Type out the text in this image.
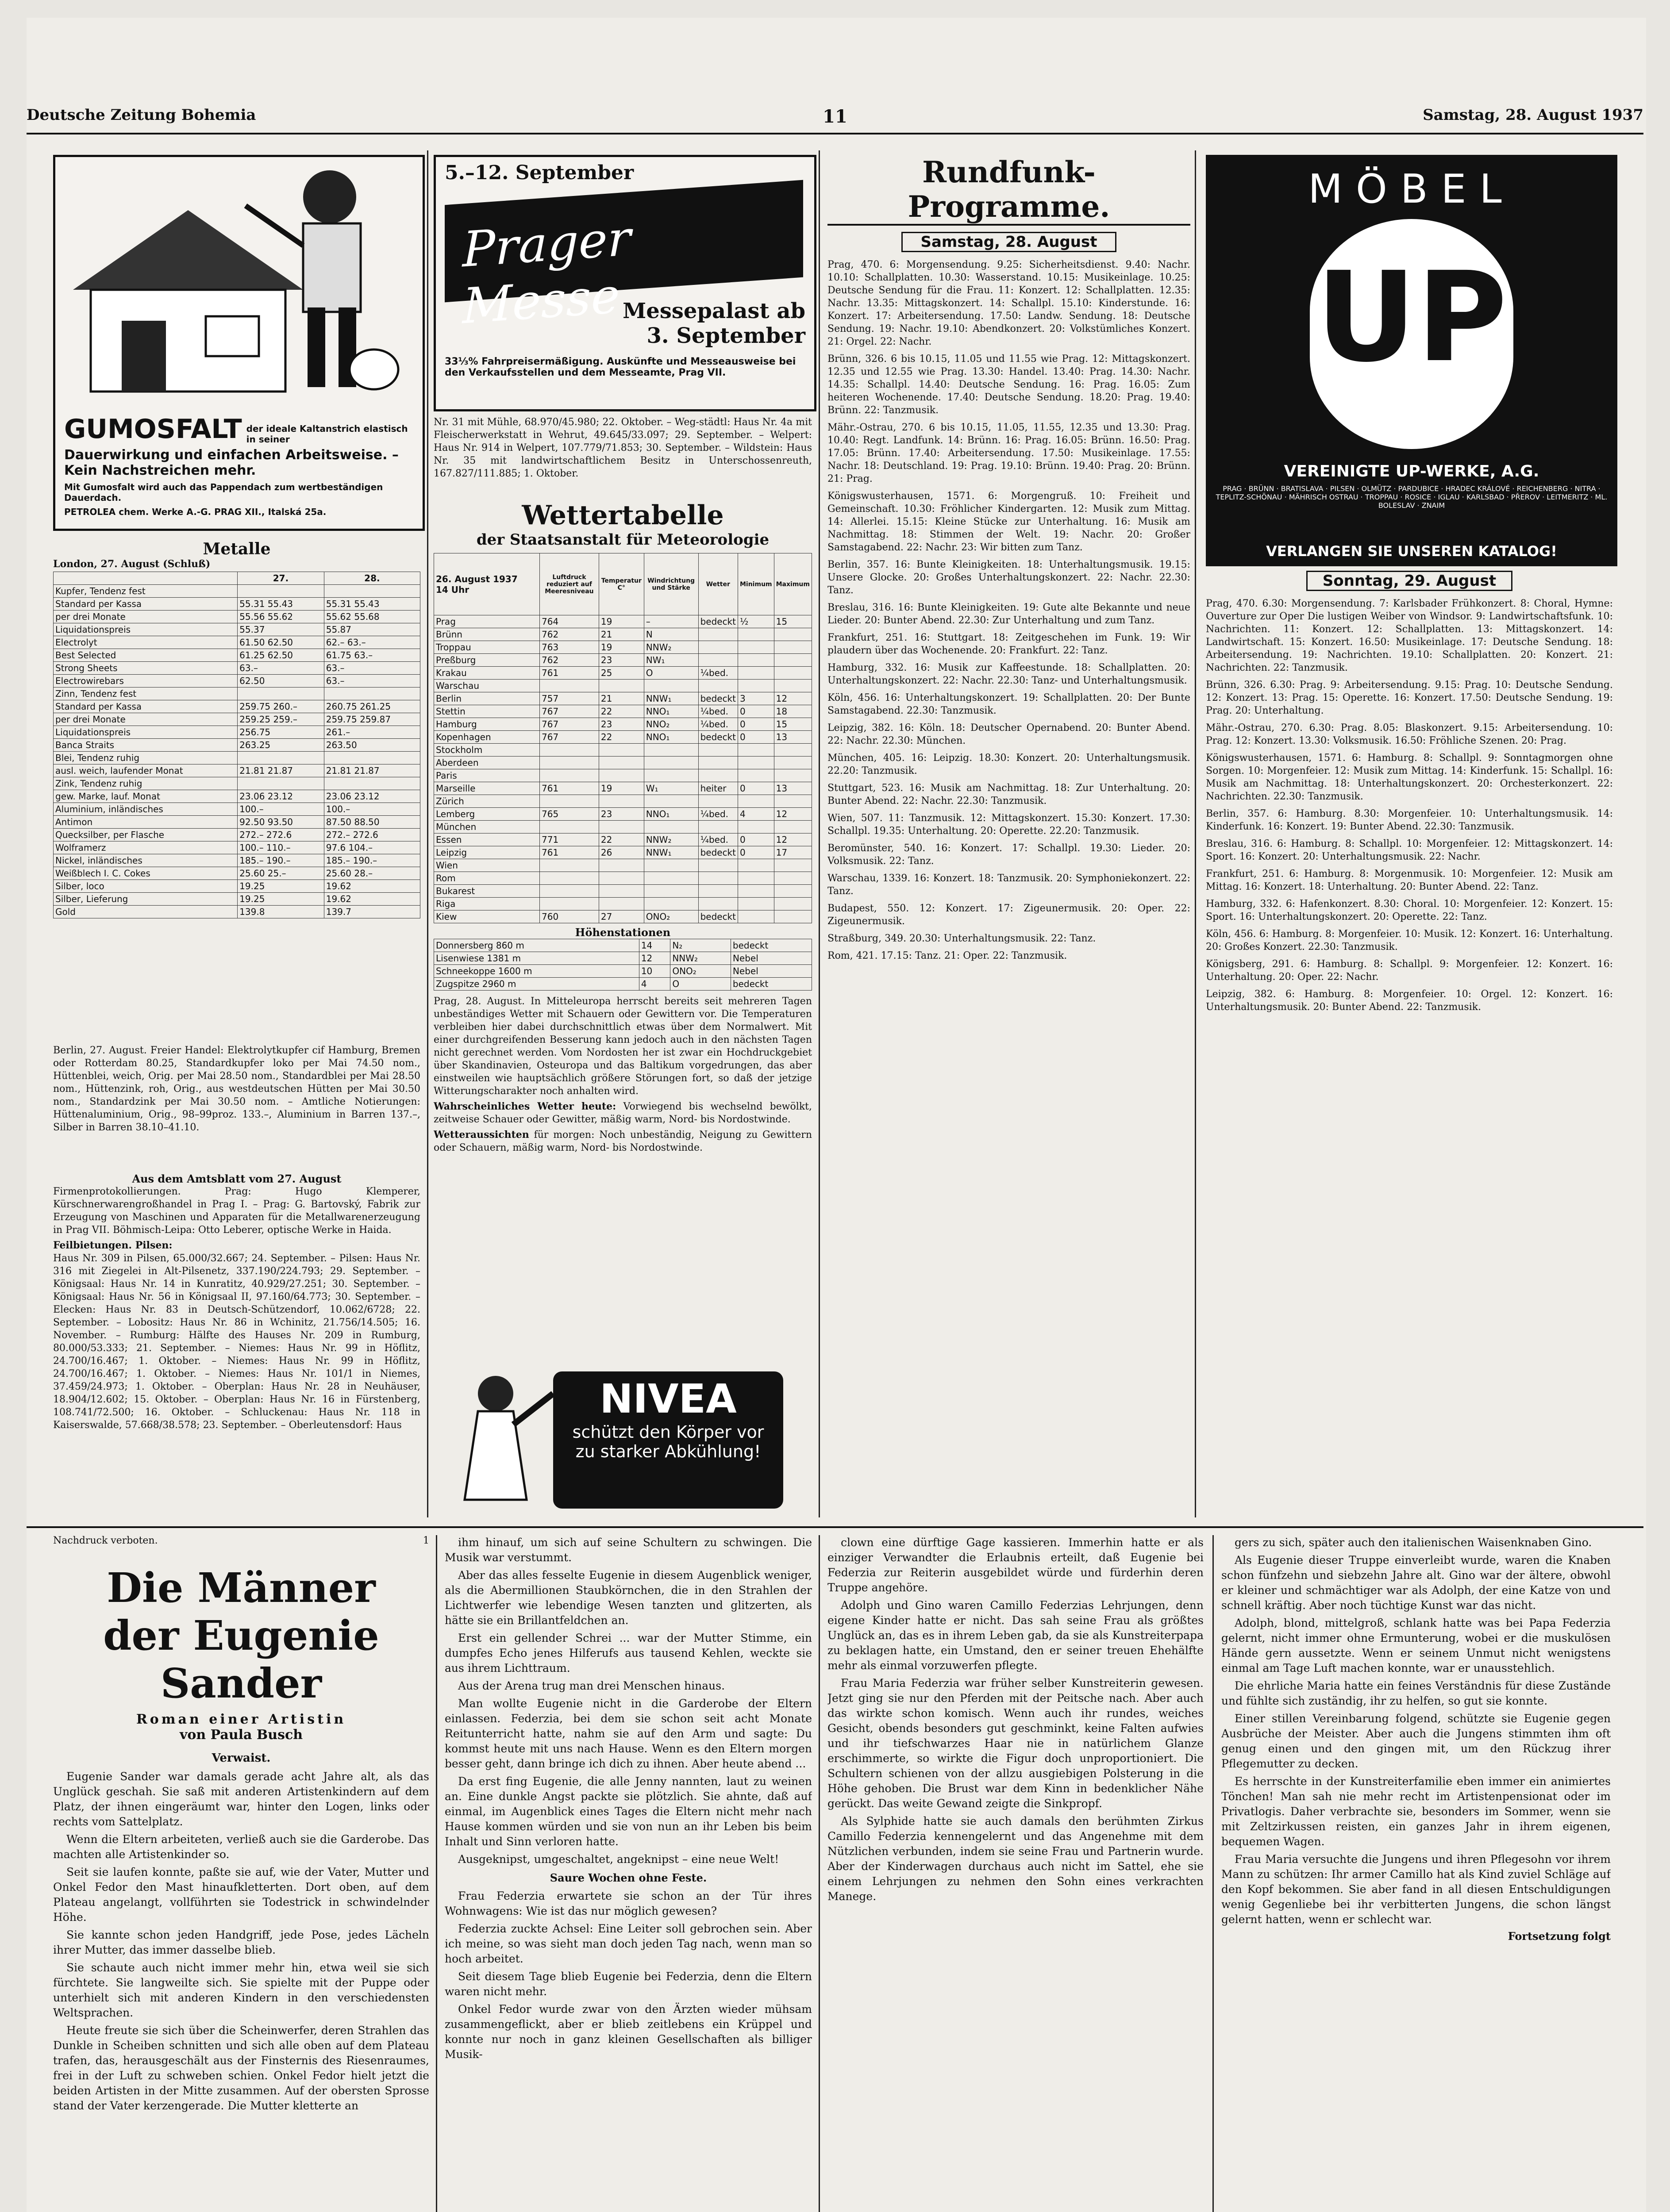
Deutsche Zeitung Bohemia	11	Samstag, 28. August 1937
GUMOSFALT der ideale Kaltanstrich elastisch in seiner
Dauerwirkung und einfachen Arbeitsweise. – Kein Nachstreichen mehr.
Mit Gumosfalt wird auch das Pappendach zum wertbeständigen Dauerdach.
PETROLEA chem. Werke A.-G. PRAG XII., Italská 25a.
Metalle
London, 27. August (Schluß)
	27.	28.
Kupfer, Tendenz fest		
Standard per Kassa	55.31 55.43	55.31 55.43
per drei Monate	55.56 55.62	55.62 55.68
Liquidationspreis	55.37	55.87
Electrolyt	61.50 62.50	62.– 63.–
Best Selected	61.25 62.50	61.75 63.–
Strong Sheets	63.–	63.–
Electrowirebars	62.50	63.–
Zinn, Tendenz fest		
Standard per Kassa	259.75 260.–	260.75 261.25
per drei Monate	259.25 259.–	259.75 259.87
Liquidationspreis	256.75	261.–
Banca Straits	263.25	263.50
Blei, Tendenz ruhig		
ausl. weich, laufender Monat	21.81 21.87	21.81 21.87
Zink, Tendenz ruhig		
gew. Marke, lauf. Monat	23.06 23.12	23.06 23.12
Aluminium, inländisches	100.–	100.–
Antimon	92.50 93.50	87.50 88.50
Quecksilber, per Flasche	272.– 272.6	272.– 272.6
Wolframerz	100.– 110.–	97.6 104.–
Nickel, inländisches	185.– 190.–	185.– 190.–
Weißblech I. C. Cokes	25.60 25.–	25.60 28.–
Silber, loco	19.25	19.62
Silber, Lieferung	19.25	19.62
Gold	139.8	139.7
Berlin, 27. August. Freier Handel: Elektrolytkupfer cif Hamburg, Bremen oder Rotterdam 80.25, Standardkupfer loko per Mai 74.50 nom., Hüttenblei, weich, Orig. per Mai 28.50 nom., Standardblei per Mai 28.50 nom., Hüttenzink, roh, Orig., aus westdeutschen Hütten per Mai 30.50 nom., Standardzink per Mai 30.50 nom. – Amtliche Notierungen: Hüttenaluminium, Orig., 98–99proz. 133.–, Aluminium in Barren 137.–, Silber in Barren 38.10–41.10.
Aus dem Amtsblatt vom 27. August
Firmenprotokollierungen. Prag: Hugo Klemperer, Kürschnerwarengroßhandel in Prag I. – Prag: G. Bartovský, Fabrik zur Erzeugung von Maschinen und Apparaten für die Metallwarenerzeugung in Prag VII. Böhmisch-Leipa: Otto Leberer, optische Werke in Haida.
Feilbietungen. Pilsen:
Haus Nr. 309 in Pilsen, 65.000/32.667; 24. September. – Pilsen: Haus Nr. 316 mit Ziegelei in Alt-Pilsenetz, 337.190/224.793; 29. September. – Königsaal: Haus Nr. 14 in Kunratitz, 40.929/27.251; 30. September. – Königsaal: Haus Nr. 56 in Königsaal II, 97.160/64.773; 30. September. – Elecken: Haus Nr. 83 in Deutsch-Schützendorf, 10.062/6728; 22. September. – Lobositz: Haus Nr. 86 in Wchinitz, 21.756/14.505; 16. November. – Rumburg: Hälfte des Hauses Nr. 209 in Rumburg, 80.000/53.333; 21. September. – Niemes: Haus Nr. 99 in Höflitz, 24.700/16.467; 1. Oktober. – Niemes: Haus Nr. 99 in Höflitz, 24.700/16.467; 1. Oktober. – Niemes: Haus Nr. 101/1 in Niemes, 37.459/24.973; 1. Oktober. – Oberplan: Haus Nr. 28 in Neuhäuser, 18.904/12.602; 15. Oktober. – Oberplan: Haus Nr. 16 in Fürstenberg, 108.741/72.500; 16. Oktober. – Schluckenau: Haus Nr. 118 in Kaiserswalde, 57.668/38.578; 23. September. – Oberleutensdorf: Haus
5.–12. September
Prager Messe Messepalast ab 3. September
33⅓% Fahrpreisermäßigung. Auskünfte und Messeausweise bei den Verkaufsstellen und dem Messeamte, Prag VII.
Nr. 31 mit Mühle, 68.970/45.980; 22. Oktober. – Weg-städtl: Haus Nr. 4a mit Fleischerwerkstatt in Wehrut, 49.645/33.097; 29. September. – Welpert: Haus Nr. 914 in Welpert, 107.779/71.853; 30. September. – Wildstein: Haus Nr. 35 mit landwirtschaftlichem Besitz in Unterschossenreuth, 167.827/111.885; 1. Oktober.
Wettertabelle
der Staatsanstalt für Meteorologie
26. August 1937
14 Uhr	Luftdruck reduziert auf Meeresniveau	Temperatur C°	Windrichtung und Stärke	Wetter	Minimum	Maximum

Prag	764	19	–	bedeckt	½	15
Brünn	762	21	N			
Troppau	763	19	NNW₂			
Preßburg	762	23	NW₁			
Krakau	761	25	O	¼bed.		
Warschau						
Berlin	757	21	NNW₁	bedeckt	3	12
Stettin	767	22	NNO₁	¼bed.	0	18
Hamburg	767	23	NNO₂	¼bed.	0	15
Kopenhagen	767	22	NNO₁	bedeckt	0	13
Stockholm						
Aberdeen						
Paris						
Marseille	761	19	W₁	heiter	0	13
Zürich						
Lemberg	765	23	NNO₁	¼bed.	4	12
München						
Essen	771	22	NNW₂	¼bed.	0	12
Leipzig	761	26	NNW₁	bedeckt	0	17
Wien						
Rom						
Bukarest						
Riga						
Kiew	760	27	ONO₂	bedeckt		
Höhenstationen
Donnersberg 860 m	14	N₂	bedeckt
Lisenwiese 1381 m	12	NNW₂	Nebel
Schneekoppe 1600 m	10	ONO₂	Nebel
Zugspitze 2960 m	4	O	bedeckt
Prag, 28. August. In Mitteleuropa herrscht bereits seit mehreren Tagen unbeständiges Wetter mit Schauern oder Gewittern vor. Die Temperaturen verbleiben hier dabei durchschnittlich etwas über dem Normalwert. Mit einer durchgreifenden Besserung kann jedoch auch in den nächsten Tagen nicht gerechnet werden. Vom Nordosten her ist zwar ein Hochdruckgebiet über Skandinavien, Osteuropa und das Baltikum vorgedrungen, das aber einstweilen wie hauptsächlich größere Störungen fort, so daß der jetzige Witterungscharakter noch anhalten wird.
Wahrscheinliches Wetter heute: Vorwiegend bis wechselnd bewölkt, zeitweise Schauer oder Gewitter, mäßig warm, Nord- bis Nordostwinde.
Wetteraussichten für morgen: Noch unbeständig, Neigung zu Gewittern oder Schauern, mäßig warm, Nord- bis Nordostwinde.
NIVEA
schützt den Körper vor zu starker Abkühlung!
Rundfunk-Programme.
Samstag, 28. August

Prag, 470. 6: Morgensendung. 9.25: Sicherheitsdienst. 9.40: Nachr. 10.10: Schallplatten. 10.30: Wasserstand. 10.15: Musikeinlage. 10.25: Deutsche Sendung für die Frau. 11: Konzert. 12: Schallplatten. 12.35: Nachr. 13.35: Mittagskonzert. 14: Schallpl. 15.10: Kinderstunde. 16: Konzert. 17: Arbeitersendung. 17.50: Landw. Sendung. 18: Deutsche Sendung. 19: Nachr. 19.10: Abendkonzert. 20: Volkstümliches Konzert. 21: Orgel. 22: Nachr.

Brünn, 326. 6 bis 10.15, 11.05 und 11.55 wie Prag. 12: Mittagskonzert. 12.35 und 12.55 wie Prag. 13.30: Handel. 13.40: Prag. 14.30: Nachr. 14.35: Schallpl. 14.40: Deutsche Sendung. 16: Prag. 16.05: Zum heiteren Wochenende. 17.40: Deutsche Sendung. 18.20: Prag. 19.40: Brünn. 22: Tanzmusik.

Mähr.-Ostrau, 270. 6 bis 10.15, 11.05, 11.55, 12.35 und 13.30: Prag. 10.40: Regt. Landfunk. 14: Brünn. 16: Prag. 16.05: Brünn. 16.50: Prag. 17.05: Brünn. 17.40: Arbeitersendung. 17.50: Musikeinlage. 17.55: Nachr. 18: Deutschland. 19: Prag. 19.10: Brünn. 19.40: Prag. 20: Brünn. 21: Prag.

Königswusterhausen, 1571. 6: Morgengruß. 10: Freiheit und Gemeinschaft. 10.30: Fröhlicher Kindergarten. 12: Musik zum Mittag. 14: Allerlei. 15.15: Kleine Stücke zur Unterhaltung. 16: Musik am Nachmittag. 18: Stimmen der Welt. 19: Nachr. 20: Großer Samstagabend. 22: Nachr. 23: Wir bitten zum Tanz.

Berlin, 357. 16: Bunte Kleinigkeiten. 18: Unterhaltungsmusik. 19.15: Unsere Glocke. 20: Großes Unterhaltungskonzert. 22: Nachr. 22.30: Tanz.

Breslau, 316. 16: Bunte Kleinigkeiten. 19: Gute alte Bekannte und neue Lieder. 20: Bunter Abend. 22.30: Zur Unterhaltung und zum Tanz.

Frankfurt, 251. 16: Stuttgart. 18: Zeitgeschehen im Funk. 19: Wir plaudern über das Wochenende. 20: Frankfurt. 22: Tanz.

Hamburg, 332. 16: Musik zur Kaffeestunde. 18: Schallplatten. 20: Unterhaltungskonzert. 22: Nachr. 22.30: Tanz- und Unterhaltungsmusik.

Köln, 456. 16: Unterhaltungskonzert. 19: Schallplatten. 20: Der Bunte Samstagabend. 22.30: Tanzmusik.

Leipzig, 382. 16: Köln. 18: Deutscher Opernabend. 20: Bunter Abend. 22: Nachr. 22.30: München.

München, 405. 16: Leipzig. 18.30: Konzert. 20: Unterhaltungsmusik. 22.20: Tanzmusik.

Stuttgart, 523. 16: Musik am Nachmittag. 18: Zur Unterhaltung. 20: Bunter Abend. 22: Nachr. 22.30: Tanzmusik.

Wien, 507. 11: Tanzmusik. 12: Mittagskonzert. 15.30: Konzert. 17.30: Schallpl. 19.35: Unterhaltung. 20: Operette. 22.20: Tanzmusik.

Beromünster, 540. 16: Konzert. 17: Schallpl. 19.30: Lieder. 20: Volksmusik. 22: Tanz.

Warschau, 1339. 16: Konzert. 18: Tanzmusik. 20: Symphoniekonzert. 22: Tanz.

Budapest, 550. 12: Konzert. 17: Zigeunermusik. 20: Oper. 22: Zigeunermusik.

Straßburg, 349. 20.30: Unterhaltungsmusik. 22: Tanz.

Rom, 421. 17.15: Tanz. 21: Oper. 22: Tanzmusik.

MÖBEL
UP
VEREINIGTE UP-WERKE, A.G.
PRAG · BRÜNN · BRATISLAVA · PILSEN · OLMÜTZ · PARDUBICE · HRADEC KRÁLOVÉ · REICHENBERG · NITRA · TEPLITZ-SCHÖNAU · MÄHRISCH OSTRAU · TROPPAU · ROSICE · IGLAU · KARLSBAD · PŘEROV · LEITMERITZ · ML. BOLESLAV · ZNAIM
VERLANGEN SIE UNSEREN KATALOG!
Sonntag, 29. August

Prag, 470. 6.30: Morgensendung. 7: Karlsbader Frühkonzert. 8: Choral, Hymne: Ouverture zur Oper Die lustigen Weiber von Windsor. 9: Landwirtschaftsfunk. 10: Nachrichten. 11: Konzert. 12: Schallplatten. 13: Mittagskonzert. 14: Landwirtschaft. 15: Konzert. 16.50: Musikeinlage. 17: Deutsche Sendung. 18: Arbeitersendung. 19: Nachrichten. 19.10: Schallplatten. 20: Konzert. 21: Nachrichten. 22: Tanzmusik.

Brünn, 326. 6.30: Prag. 9: Arbeitersendung. 9.15: Prag. 10: Deutsche Sendung. 12: Konzert. 13: Prag. 15: Operette. 16: Konzert. 17.50: Deutsche Sendung. 19: Prag. 20: Unterhaltung.

Mähr.-Ostrau, 270. 6.30: Prag. 8.05: Blaskonzert. 9.15: Arbeitersendung. 10: Prag. 12: Konzert. 13.30: Volksmusik. 16.50: Fröhliche Szenen. 20: Prag.

Königswusterhausen, 1571. 6: Hamburg. 8: Schallpl. 9: Sonntagmorgen ohne Sorgen. 10: Morgenfeier. 12: Musik zum Mittag. 14: Kinderfunk. 15: Schallpl. 16: Musik am Nachmittag. 18: Unterhaltungskonzert. 20: Orchesterkonzert. 22: Nachrichten. 22.30: Tanzmusik.

Berlin, 357. 6: Hamburg. 8.30: Morgenfeier. 10: Unterhaltungsmusik. 14: Kinderfunk. 16: Konzert. 19: Bunter Abend. 22.30: Tanzmusik.

Breslau, 316. 6: Hamburg. 8: Schallpl. 10: Morgenfeier. 12: Mittagskonzert. 14: Sport. 16: Konzert. 20: Unterhaltungsmusik. 22: Nachr.

Frankfurt, 251. 6: Hamburg. 8: Morgenmusik. 10: Morgenfeier. 12: Musik am Mittag. 16: Konzert. 18: Unterhaltung. 20: Bunter Abend. 22: Tanz.

Hamburg, 332. 6: Hafenkonzert. 8.30: Choral. 10: Morgenfeier. 12: Konzert. 15: Sport. 16: Unterhaltungskonzert. 20: Operette. 22: Tanz.

Köln, 456. 6: Hamburg. 8: Morgenfeier. 10: Musik. 12: Konzert. 16: Unterhaltung. 20: Großes Konzert. 22.30: Tanzmusik.

Königsberg, 291. 6: Hamburg. 8: Schallpl. 9: Morgenfeier. 12: Konzert. 16: Unterhaltung. 20: Oper. 22: Nachr.

Leipzig, 382. 6: Hamburg. 8: Morgenfeier. 10: Orgel. 12: Konzert. 16: Unterhaltungsmusik. 20: Bunter Abend. 22: Tanzmusik.

Nachdruck verboten.	1
Die Männer
der Eugenie Sander
Roman einer Artistin
von Paula Busch
Verwaist.

Eugenie Sander war damals gerade acht Jahre alt, als das Unglück geschah. Sie saß mit anderen Artistenkindern auf dem Platz, der ihnen eingeräumt war, hinter den Logen, links oder rechts vom Sattelplatz.

Wenn die Eltern arbeiteten, verließ auch sie die Garderobe. Das machten alle Artistenkinder so.

Seit sie laufen konnte, paßte sie auf, wie der Vater, Mutter und Onkel Fedor den Mast hinaufkletterten. Dort oben, auf dem Plateau angelangt, vollführten sie Todestrick in schwindelnder Höhe.

Sie kannte schon jeden Handgriff, jede Pose, jedes Lächeln ihrer Mutter, das immer dasselbe blieb.

Sie schaute auch nicht immer mehr hin, etwa weil sie sich fürchtete. Sie langweilte sich. Sie spielte mit der Puppe oder unterhielt sich mit anderen Kindern in den verschiedensten Weltsprachen.

Heute freute sie sich über die Scheinwerfer, deren Strahlen das Dunkle in Scheiben schnitten und sich alle oben auf dem Plateau trafen, das, herausgeschält aus der Finsternis des Riesenraumes, frei in der Luft zu schweben schien. Onkel Fedor hielt jetzt die beiden Artisten in der Mitte zusammen. Auf der obersten Sprosse stand der Vater kerzengerade. Die Mutter kletterte an

ihm hinauf, um sich auf seine Schultern zu schwingen. Die Musik war verstummt.

Aber das alles fesselte Eugenie in diesem Augenblick weniger, als die Abermillionen Staubkörnchen, die in den Strahlen der Lichtwerfer wie lebendige Wesen tanzten und glitzerten, als hätte sie ein Brillantfeldchen an.

Erst ein gellender Schrei ... war der Mutter Stimme, ein dumpfes Echo jenes Hilferufs aus tausend Kehlen, weckte sie aus ihrem Lichttraum.

Aus der Arena trug man drei Menschen hinaus.

Man wollte Eugenie nicht in die Garderobe der Eltern einlassen. Federzia, bei dem sie schon seit acht Monate Reitunterricht hatte, nahm sie auf den Arm und sagte: Du kommst heute mit uns nach Hause. Wenn es den Eltern morgen besser geht, dann bringe ich dich zu ihnen. Aber heute abend ...

Da erst fing Eugenie, die alle Jenny nannten, laut zu weinen an. Eine dunkle Angst packte sie plötzlich. Sie ahnte, daß auf einmal, im Augenblick eines Tages die Eltern nicht mehr nach Hause kommen würden und sie von nun an ihr Leben bis beim Inhalt und Sinn verloren hatte.

Ausgeknipst, umgeschaltet, angeknipst – eine neue Welt!

Saure Wochen ohne Feste.

Frau Federzia erwartete sie schon an der Tür ihres Wohnwagens: Wie ist das nur möglich gewesen?

Federzia zuckte Achsel: Eine Leiter soll gebrochen sein. Aber ich meine, so was sieht man doch jeden Tag nach, wenn man so hoch arbeitet.

Seit diesem Tage blieb Eugenie bei Federzia, denn die Eltern waren nicht mehr.

Onkel Fedor wurde zwar von den Ärzten wieder mühsam zusammengeflickt, aber er blieb zeitlebens ein Krüppel und konnte nur noch in ganz kleinen Gesellschaften als billiger Musik-

clown eine dürftige Gage kassieren. Immerhin hatte er als einziger Verwandter die Erlaubnis erteilt, daß Eugenie bei Federzia zur Reiterin ausgebildet würde und fürderhin deren Truppe angehöre.

Adolph und Gino waren Camillo Federzias Lehrjungen, denn eigene Kinder hatte er nicht. Das sah seine Frau als größtes Unglück an, das es in ihrem Leben gab, da sie als Kunstreiterpapa zu beklagen hatte, ein Umstand, den er seiner treuen Ehehälfte mehr als einmal vorzuwerfen pflegte.

Frau Maria Federzia war früher selber Kunstreiterin gewesen. Jetzt ging sie nur den Pferden mit der Peitsche nach. Aber auch das wirkte schon komisch. Wenn auch ihr rundes, weiches Gesicht, obends besonders gut geschminkt, keine Falten aufwies und ihr tiefschwarzes Haar nie in natürlichem Glanze erschimmerte, so wirkte die Figur doch unproportioniert. Die Schultern schienen von der allzu ausgiebigen Polsterung in die Höhe gehoben. Die Brust war dem Kinn in bedenklicher Nähe gerückt. Das weite Gewand zeigte die Sinkpropf.

Als Sylphide hatte sie auch damals den berühmten Zirkus Camillo Federzia kennengelernt und das Angenehme mit dem Nützlichen verbunden, indem sie seine Frau und Partnerin wurde. Aber der Kinderwagen durchaus auch nicht im Sattel, ehe sie einem Lehrjungen zu nehmen den Sohn eines verkrachten Manege.

gers zu sich, später auch den italienischen Waisenknaben Gino.

Als Eugenie dieser Truppe einverleibt wurde, waren die Knaben schon fünfzehn und siebzehn Jahre alt. Gino war der ältere, obwohl er kleiner und schmächtiger war als Adolph, der eine Katze von und schnell kräftig. Aber noch tüchtige Kunst war das nicht.

Adolph, blond, mittelgroß, schlank hatte was bei Papa Federzia gelernt, nicht immer ohne Ermunterung, wobei er die muskulösen Hände gern aussetzte. Wenn er seinem Unmut nicht wenigstens einmal am Tage Luft machen konnte, war er unausstehlich.

Die ehrliche Maria hatte ein feines Verständnis für diese Zustände und fühlte sich zuständig, ihr zu helfen, so gut sie konnte.

Einer stillen Vereinbarung folgend, schützte sie Eugenie gegen Ausbrüche der Meister. Aber auch die Jungens stimmten ihm oft genug einen und den gingen mit, um den Rückzug ihrer Pflegemutter zu decken.

Es herrschte in der Kunstreiterfamilie eben immer ein animiertes Tönchen! Man sah nie mehr recht im Artistenpensionat oder im Privatlogis. Daher verbrachte sie, besonders im Sommer, wenn sie mit Zeltzirkussen reisten, ein ganzes Jahr in ihrem eigenen, bequemen Wagen.

Frau Maria versuchte die Jungens und ihren Pflegesohn vor ihrem Mann zu schützen: Ihr armer Camillo hat als Kind zuviel Schläge auf den Kopf bekommen. Sie aber fand in all diesen Entschuldigungen wenig Gegenliebe bei ihr verbitterten Jungens, die schon längst gelernt hatten, wenn er schlecht war.

Fortsetzung folgt
